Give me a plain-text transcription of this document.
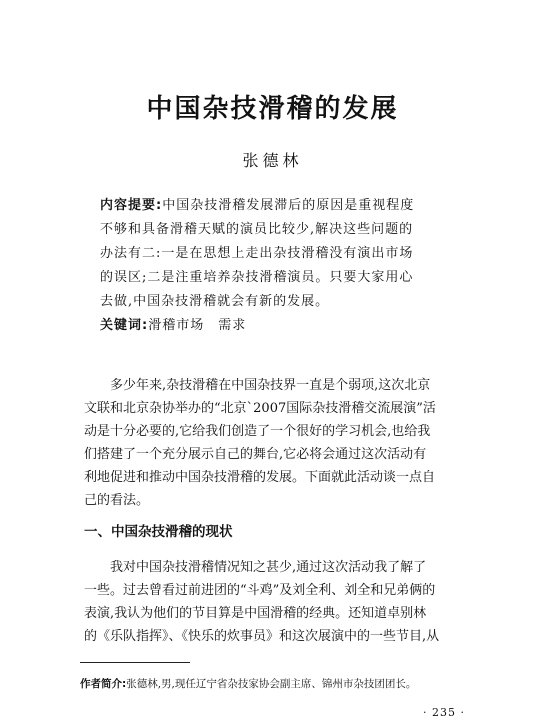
中国杂技滑稽的发展
张德林
内容提要:中国杂技滑稽发展滞后的原因是重视程度
不够和具备滑稽天赋的演员比较少,解决这些问题的
办法有二:一是在思想上走出杂技滑稽没有演出市场
的误区;二是注重培养杂技滑稽演员。只要大家用心
去做,中国杂技滑稽就会有新的发展。
关键词:滑稽市场　需求
多少年来,杂技滑稽在中国杂技界一直是个弱项,这次北京
文联和北京杂协举办的“北京`2007国际杂技滑稽交流展演”活
动是十分必要的,它给我们创造了一个很好的学习机会,也给我
们搭建了一个充分展示自己的舞台,它必将会通过这次活动有
利地促进和推动中国杂技滑稽的发展。下面就此活动谈一点自
己的看法。
一、中国杂技滑稽的现状
我对中国杂技滑稽情况知之甚少,通过这次活动我了解了
一些。过去曾看过前进团的“斗鸡”及刘全利、刘全和兄弟俩的
表演,我认为他们的节目算是中国滑稽的经典。还知道卓别林
的《乐队指挥》、《快乐的炊事员》和这次展演中的一些节目,从
作者简介:张德林,男,现任辽宁省杂技家协会副主席、锦州市杂技团团长。
· 235 ·
